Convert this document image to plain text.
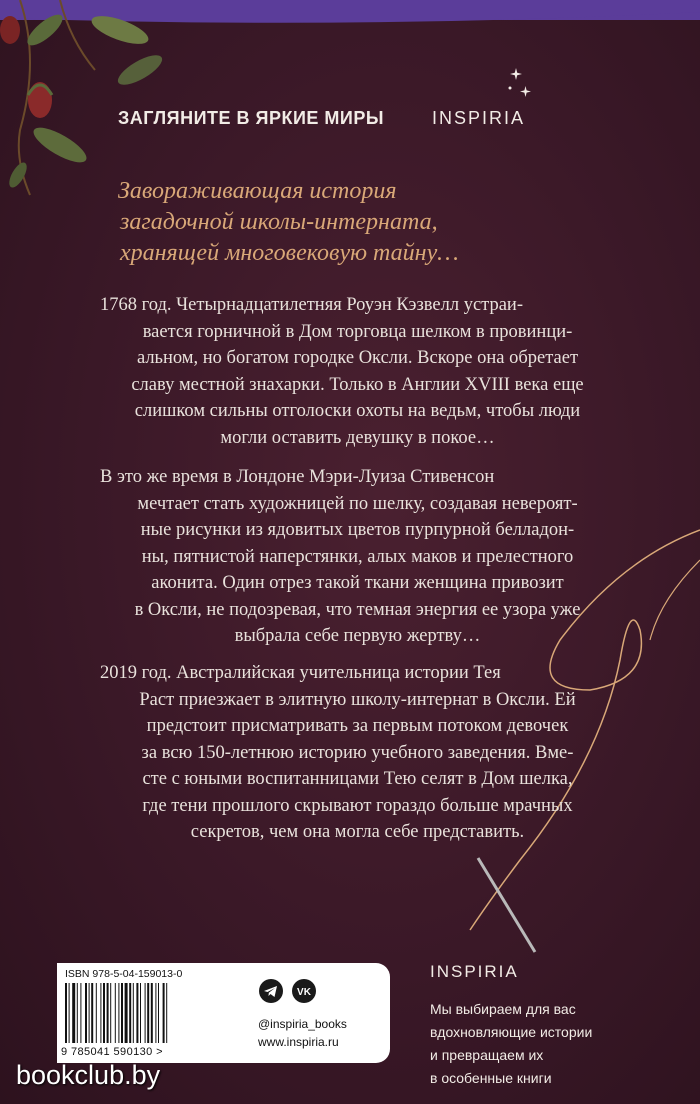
ЗАГЛЯНИТЕ В ЯРКИЕ МИРЫ	INSPIRIA
Завораживающая история
загадочной школы-интерната,
хранящей многовековую тайну…
1768 год. Четырнадцатилетняя Роуэн Кэзвелл устраи-
вается горничной в Дом торговца шелком в провинци-
альном, но богатом городке Оксли. Вскоре она обретает
славу местной знахарки. Только в Англии XVIII века еще
слишком сильны отголоски охоты на ведьм, чтобы люди
могли оставить девушку в покое…
В это же время в Лондоне Мэри-Луиза Стивенсон
мечтает стать художницей по шелку, создавая невероят-
ные рисунки из ядовитых цветов пурпурной белладон-
ны, пятнистой наперстянки, алых маков и прелестного
аконита. Один отрез такой ткани женщина привозит
в Оксли, не подозревая, что темная энергия ее узора уже
выбрала себе первую жертву…
2019 год. Австралийская учительница истории Тея
Раст приезжает в элитную школу-интернат в Оксли. Ей
предстоит присматривать за первым потоком девочек
за всю 150-летнюю историю учебного заведения. Вме-
сте с юными воспитанницами Тею селят в Дом шелка,
где тени прошлого скрывают гораздо больше мрачных
секретов, чем она могла себе представить.
ISBN 978-5-04-159013-0
9 785041 590130 >
VK
@inspiria_books
www.inspiria.ru
INSPIRIA
Мы выбираем для вас
вдохновляющие истории
и превращаем их
в особенные книги
bookclub.by
